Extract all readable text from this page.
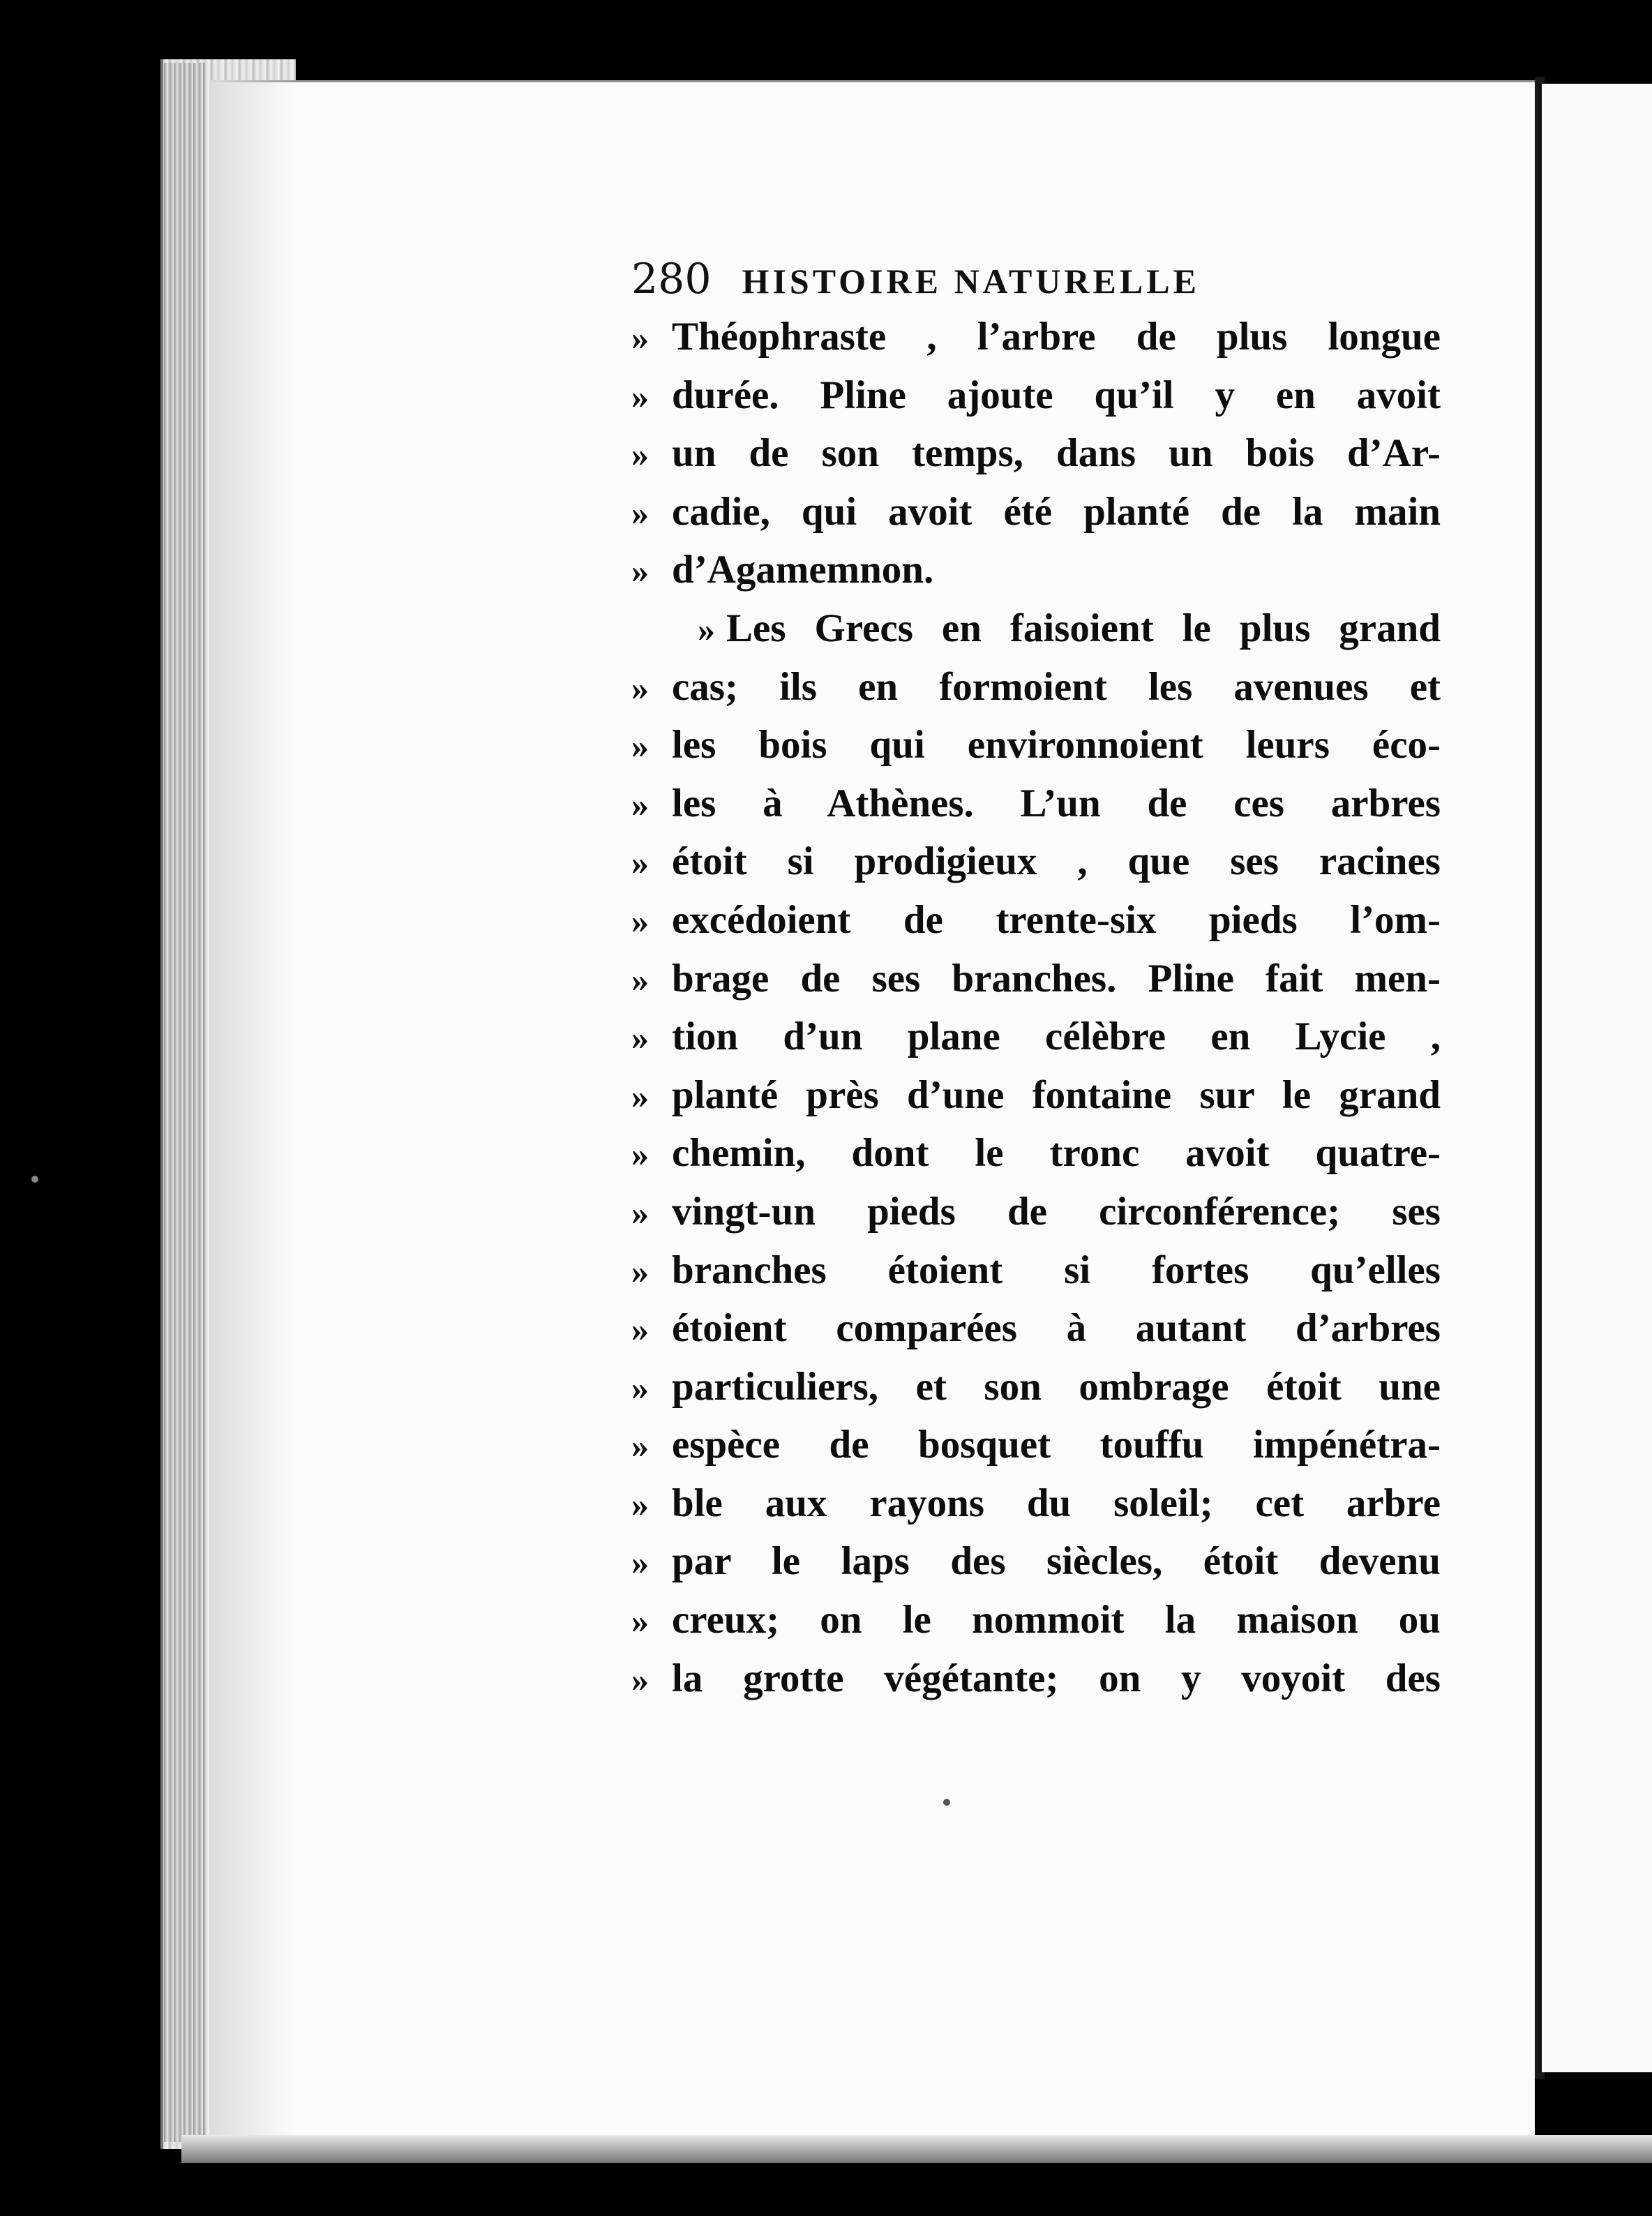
280 HISTOIRE NATURELLE
» Théophraste , l’arbre de plus longue
» durée. Pline ajoute qu’il y en avoit
» un de son temps, dans un bois d’Ar-
» cadie, qui avoit été planté de la main
» d’Agamemnon.
» Les Grecs en faisoient le plus grand
» cas; ils en formoient les avenues et
» les bois qui environnoient leurs éco-
» les à Athènes. L’un de ces arbres
» étoit si prodigieux , que ses racines
» excédoient de trente-six pieds l’om-
» brage de ses branches. Pline fait men-
» tion d’un plane célèbre en Lycie ,
» planté près d’une fontaine sur le grand
» chemin, dont le tronc avoit quatre-
» vingt-un pieds de circonférence; ses
» branches étoient si fortes qu’elles
» étoient comparées à autant d’arbres
» particuliers, et son ombrage étoit une
» espèce de bosquet touffu impénétra-
» ble aux rayons du soleil; cet arbre
» par le laps des siècles, étoit devenu
» creux; on le nommoit la maison ou
» la grotte végétante; on y voyoit des
